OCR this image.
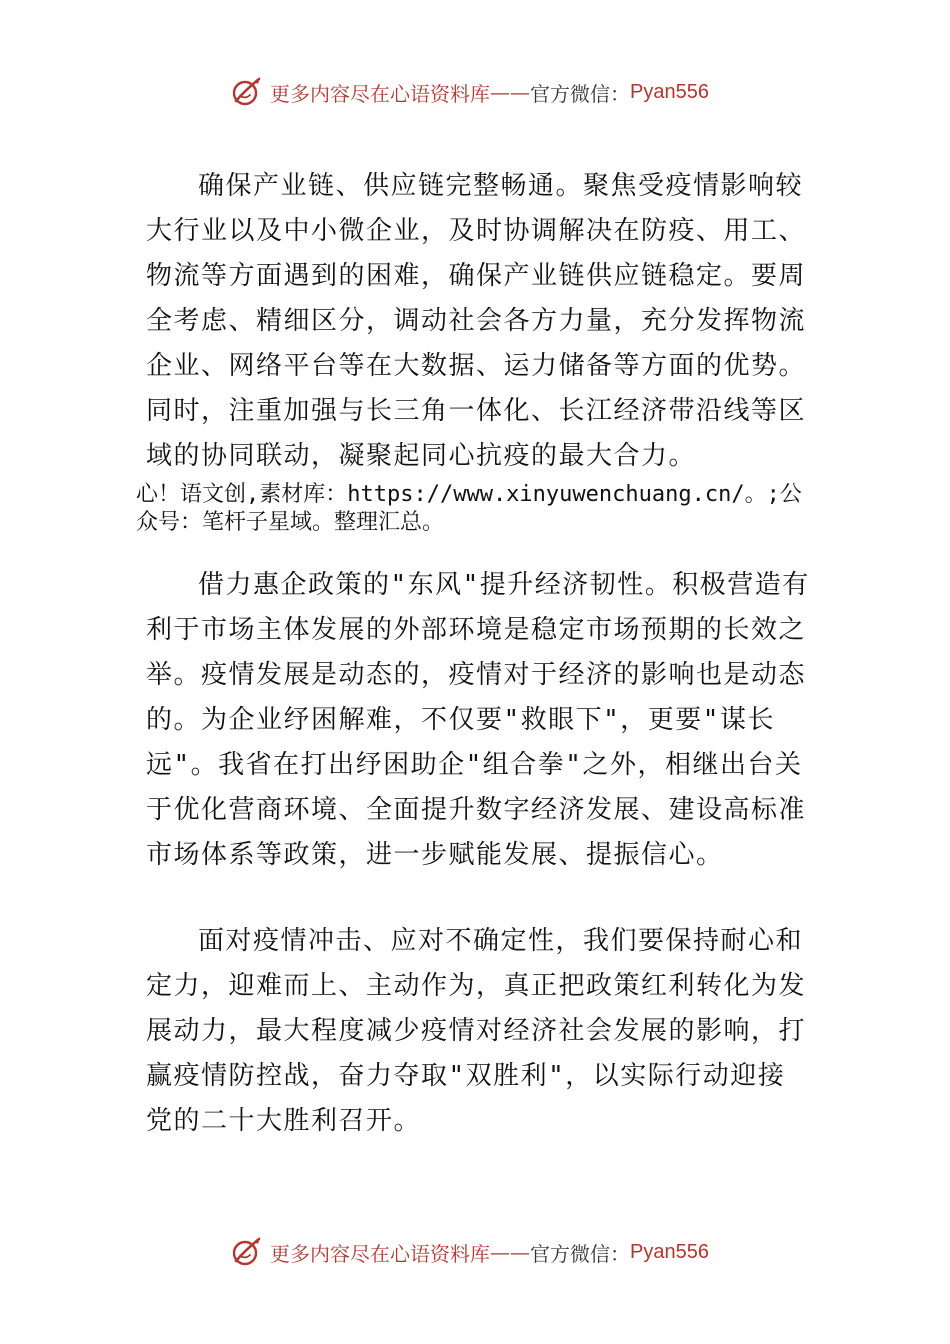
更多内容尽在心语资料库 —— 官方微信： Pyan556

确保产业链、供应链完整畅通。聚焦受疫情影响较大行业以及中小微企业，及时协调解决在防疫、用工、物流等方面遇到的困难，确保产业链供应链稳定。要周全考虑、精细区分，调动社会各方力量，充分发挥物流企业、网络平台等在大数据、运力储备等方面的优势。同时，注重加强与长三角一体化、长江经济带沿线等区域的协同联动，凝聚起同心抗疫的最大合力。

心！语文创,素材库：https://www.xinyuwenchuang.cn/。;公众号：笔杆子星域。整理汇总。

借力惠企政策的"东风"提升经济韧性。积极营造有利于市场主体发展的外部环境是稳定市场预期的长效之举。疫情发展是动态的，疫情对于经济的影响也是动态的。为企业纾困解难，不仅要"救眼下"，更要"谋长远"。我省在打出纾困助企"组合拳"之外，相继出台关于优化营商环境、全面提升数字经济发展、建设高标准市场体系等政策，进一步赋能发展、提振信心。

面对疫情冲击、应对不确定性，我们要保持耐心和定力，迎难而上、主动作为，真正把政策红利转化为发展动力，最大程度减少疫情对经济社会发展的影响，打赢疫情防控战，奋力夺取"双胜利"，以实际行动迎接党的二十大胜利召开。

更多内容尽在心语资料库 —— 官方微信： Pyan556
